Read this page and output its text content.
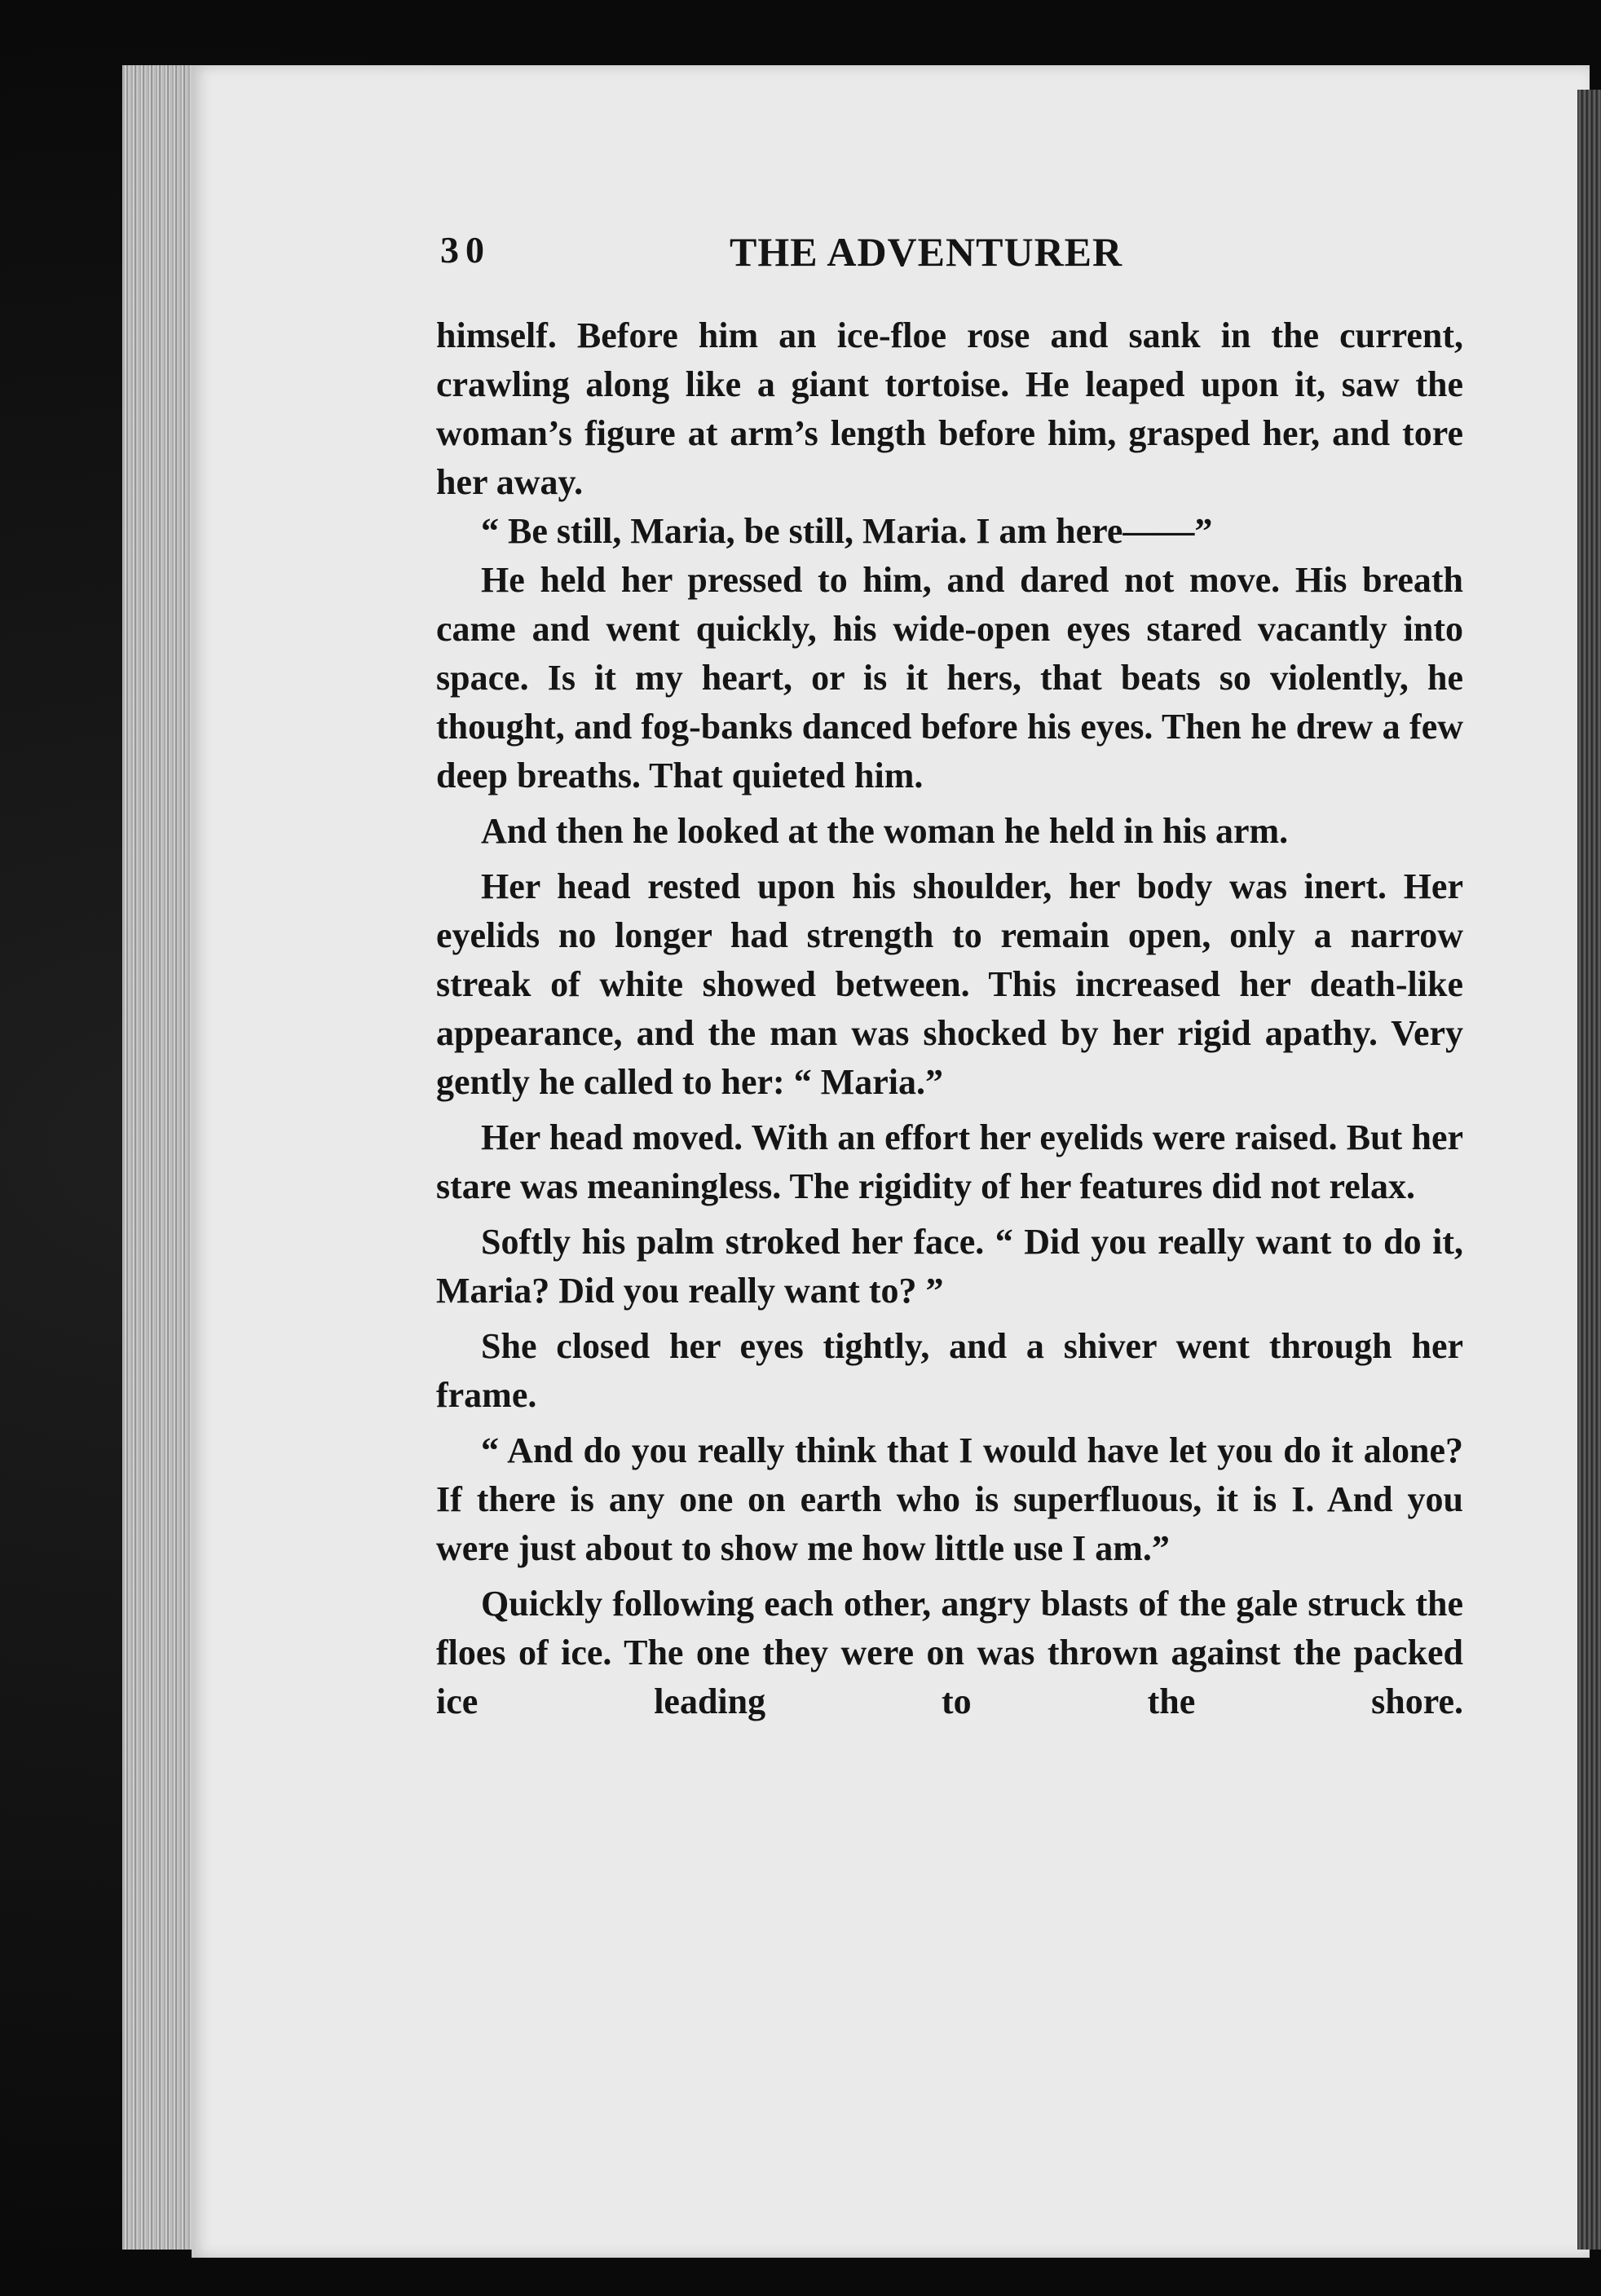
30	THE ADVENTURER

himself. Before him an ice-floe rose and sank in the current, crawling along like a giant tortoise. He leaped upon it, saw the woman’s figure at arm’s length before him, grasped her, and tore her away.

“ Be still, Maria, be still, Maria. I am here——”

He held her pressed to him, and dared not move. His breath came and went quickly, his wide-open eyes stared vacantly into space. Is it my heart, or is it hers, that beats so violently, he thought, and fog-banks danced before his eyes. Then he drew a few deep breaths. That quieted him.

And then he looked at the woman he held in his arm.

Her head rested upon his shoulder, her body was inert. Her eyelids no longer had strength to remain open, only a narrow streak of white showed between. This increased her death-like appearance, and the man was shocked by her rigid apathy. Very gently he called to her: “ Maria.”

Her head moved. With an effort her eyelids were raised. But her stare was meaningless. The rigidity of her features did not relax.

Softly his palm stroked her face. “ Did you really want to do it, Maria? Did you really want to? ”

She closed her eyes tightly, and a shiver went through her frame.

“ And do you really think that I would have let you do it alone? If there is any one on earth who is superfluous, it is I. And you were just about to show me how little use I am.”

Quickly following each other, angry blasts of the gale struck the floes of ice. The one they were on was thrown against the packed ice leading to the shore.
